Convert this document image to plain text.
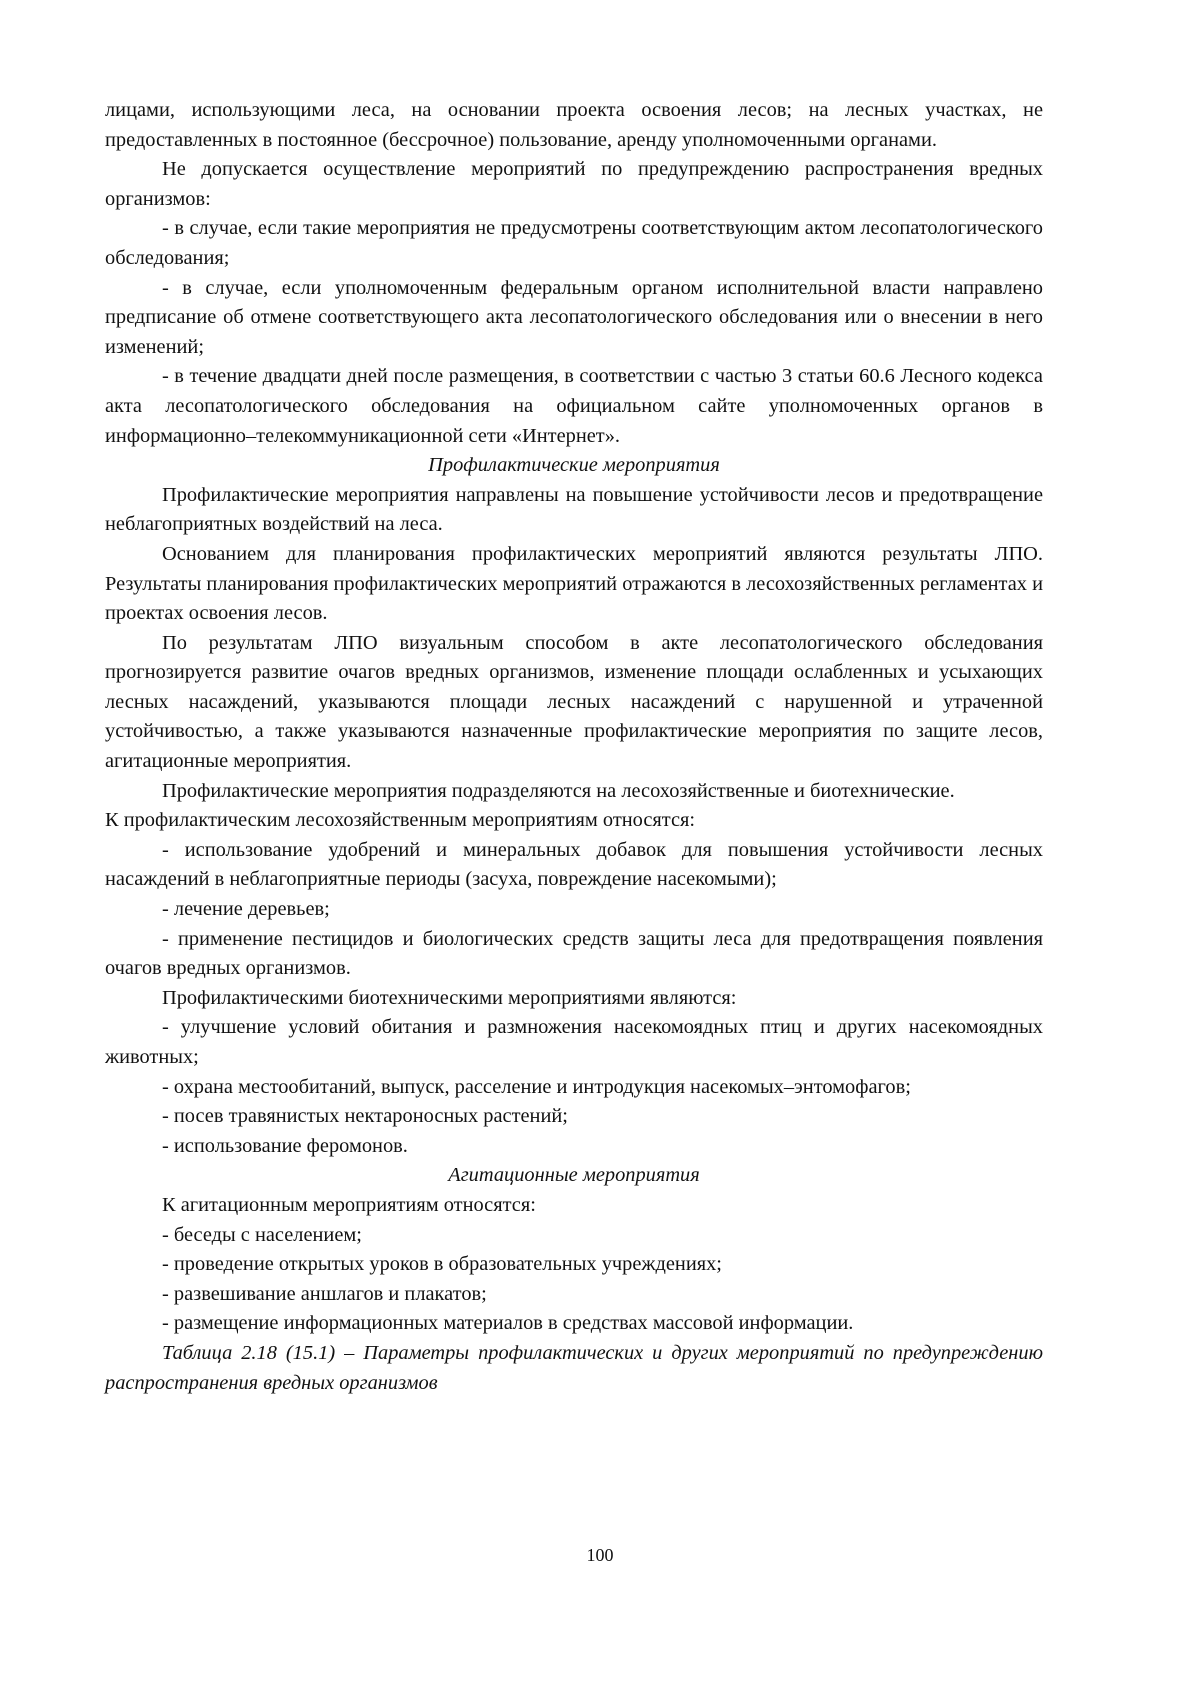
лицами, использующими леса, на основании проекта освоения лесов; на лесных участках, не предоставленных в постоянное (бессрочное) пользование, аренду уполномоченными органами.

Не допускается осуществление мероприятий по предупреждению распространения вредных организмов:

- в случае, если такие мероприятия не предусмотрены соответствующим актом лесопатологического обследования;

- в случае, если уполномоченным федеральным органом исполнительной власти направлено предписание об отмене соответствующего акта лесопатологического обследования или о внесении в него изменений;

- в течение двадцати дней после размещения, в соответствии с частью 3 статьи 60.6 Лесного кодекса акта лесопатологического обследования на официальном сайте уполномоченных органов в информационно–телекоммуникационной сети «Интернет».

Профилактические мероприятия

Профилактические мероприятия направлены на повышение устойчивости лесов и предотвращение неблагоприятных воздействий на леса.

Основанием для планирования профилактических мероприятий являются результаты ЛПО. Результаты планирования профилактических мероприятий отражаются в лесохозяйственных регламентах и проектах освоения лесов.

По результатам ЛПО визуальным способом в акте лесопатологического обследования прогнозируется развитие очагов вредных организмов, изменение площади ослабленных и усыхающих лесных насаждений, указываются площади лесных насаждений с нарушенной и утраченной устойчивостью, а также указываются назначенные профилактические мероприятия по защите лесов, агитационные мероприятия.

Профилактические мероприятия подразделяются на лесохозяйственные и биотехнические.

К профилактическим лесохозяйственным мероприятиям относятся:

- использование удобрений и минеральных добавок для повышения устойчивости лесных насаждений в неблагоприятные периоды (засуха, повреждение насекомыми);

- лечение деревьев;

- применение пестицидов и биологических средств защиты леса для предотвращения появления очагов вредных организмов.

Профилактическими биотехническими мероприятиями являются:

- улучшение условий обитания и размножения насекомоядных птиц и других насекомоядных животных;

- охрана местообитаний, выпуск, расселение и интродукция насекомых–энтомофагов;

- посев травянистых нектароносных растений;

- использование феромонов.

Агитационные мероприятия

К агитационным мероприятиям относятся:

- беседы с населением;

- проведение открытых уроков в образовательных учреждениях;

- развешивание аншлагов и плакатов;

- размещение информационных материалов в средствах массовой информации.

Таблица 2.18 (15.1) – Параметры профилактических и других мероприятий по предупреждению распространения вредных организмов

100
